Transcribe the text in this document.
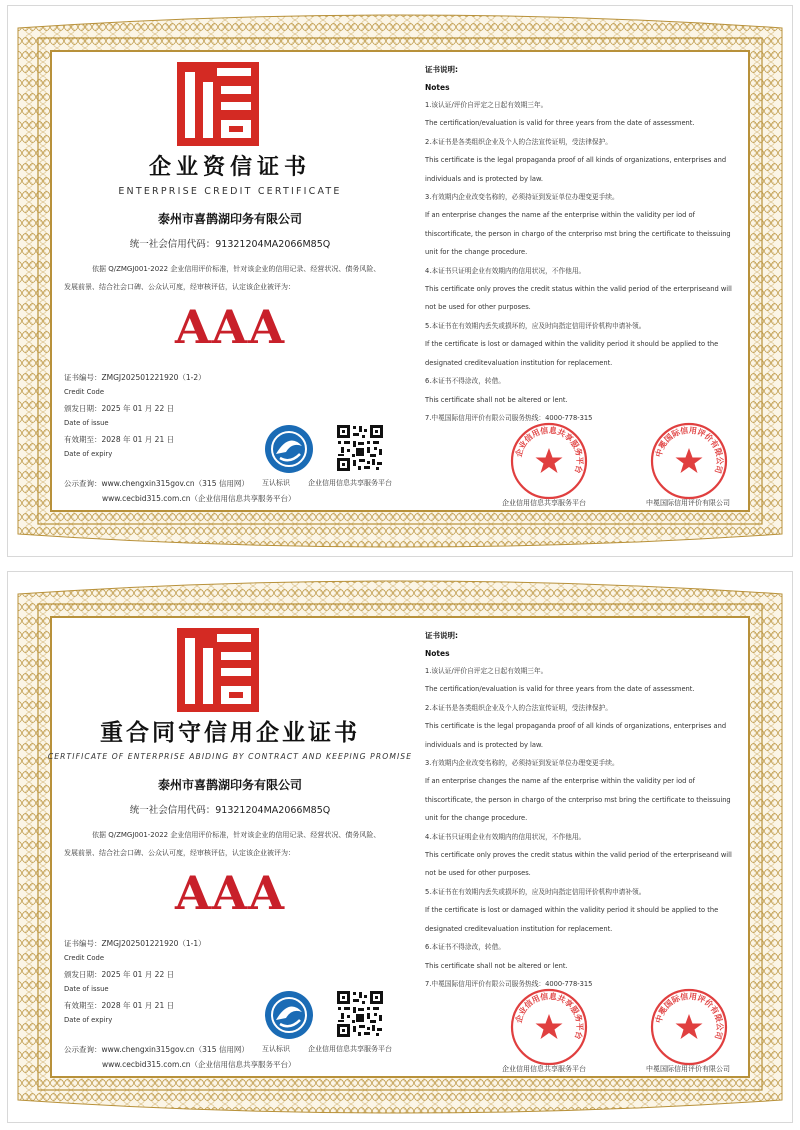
企业资信证书
ENTERPRISE CREDIT CERTIFICATE
泰州市喜鹊湖印务有限公司
统一社会信用代码：91321204MA2066M85Q
依据 Q/ZMGJ001-2022 企业信用评价标准，针对该企业的信用记录、经营状况、债务风险、
发展前景、结合社会口碑、公众认可度，经审核评估，认定该企业被评为：
AAA
证书编号：ZMGJ202501221920（1-2）
Credit Code
颁发日期：2025 年 01 月 22 日
Date of issue
有效期至：2028 年 01 月 21 日
Date of expiry
互认标识	企业信用信息共享服务平台
公示查询：www.chengxin315gov.cn（315 信用网）
www.cecbid315.com.cn（企业信用信息共享服务平台）
证书说明:
Notes
1.该认证/评价自评定之日起有效期三年。
The certification/evaluation is valid for three years from the date of assessment.
2.本证书是各类组织企业及个人的合法宣传证明，受法律保护。
This certificate is the legal propaganda proof of all kinds of organizations, enterprises and
individuals and is protected by law.
3.有效期内企业改变名称的，必须持证到发证单位办理变更手续。
If an enterprise changes the name af the enterprise within the validity per iod of
thiscortificate, the person in chargo of the cnterpriso mst bring the certificate to theissuing
unit for the change procedure.
4.本证书只证明企业有效期内的信用状况，不作他用。
This certificate only proves the credit status within the valid period of the erterpriseand will
not be used for other purposes.
5.本证书在有效期内丢失或损坏的，应及时向指定信用评价机构申请补领。
If the certificate is lost or damaged within the validity period it should be applied to the
designated creditevaluation institution for replacement.
6.本证书不得涂改，转借。
This certificate shall not be altered or lent.
7.中冕国际信用评价有限公司服务热线：4000-778-315
企业信用信息共享服务平台
中冕国际信用评价有限公司
企业信用信息共享服务平台	中冕国际信用评价有限公司
重合同守信用企业证书
CERTIFICATE OF ENTERPRISE ABIDING BY CONTRACT AND KEEPING PROMISE
泰州市喜鹊湖印务有限公司
统一社会信用代码：91321204MA2066M85Q
依据 Q/ZMGJ001-2022 企业信用评价标准，针对该企业的信用记录、经营状况、债务风险、
发展前景、结合社会口碑、公众认可度，经审核评估，认定该企业被评为：
AAA
证书编号：ZMGJ202501221920（1-1）
Credit Code
颁发日期：2025 年 01 月 22 日
Date of issue
有效期至：2028 年 01 月 21 日
Date of expiry
互认标识	企业信用信息共享服务平台
公示查询：www.chengxin315gov.cn（315 信用网）
www.cecbid315.com.cn（企业信用信息共享服务平台）
证书说明:
Notes
1.该认证/评价自评定之日起有效期三年。
The certification/evaluation is valid for three years from the date of assessment.
2.本证书是各类组织企业及个人的合法宣传证明，受法律保护。
This certificate is the legal propaganda proof of all kinds of organizations, enterprises and
individuals and is protected by law.
3.有效期内企业改变名称的，必须持证到发证单位办理变更手续。
If an enterprise changes the name af the enterprise within the validity per iod of
thiscortificate, the person in chargo of the cnterpriso mst bring the certificate to theissuing
unit for the change procedure.
4.本证书只证明企业有效期内的信用状况，不作他用。
This certificate only proves the credit status within the valid period of the erterpriseand will
not be used for other purposes.
5.本证书在有效期内丢失或损坏的，应及时向指定信用评价机构申请补领。
If the certificate is lost or damaged within the validity period it should be applied to the
designated creditevaluation institution for replacement.
6.本证书不得涂改，转借。
This certificate shall not be altered or lent.
7.中冕国际信用评价有限公司服务热线：4000-778-315
企业信用信息共享服务平台
中冕国际信用评价有限公司
企业信用信息共享服务平台	中冕国际信用评价有限公司
